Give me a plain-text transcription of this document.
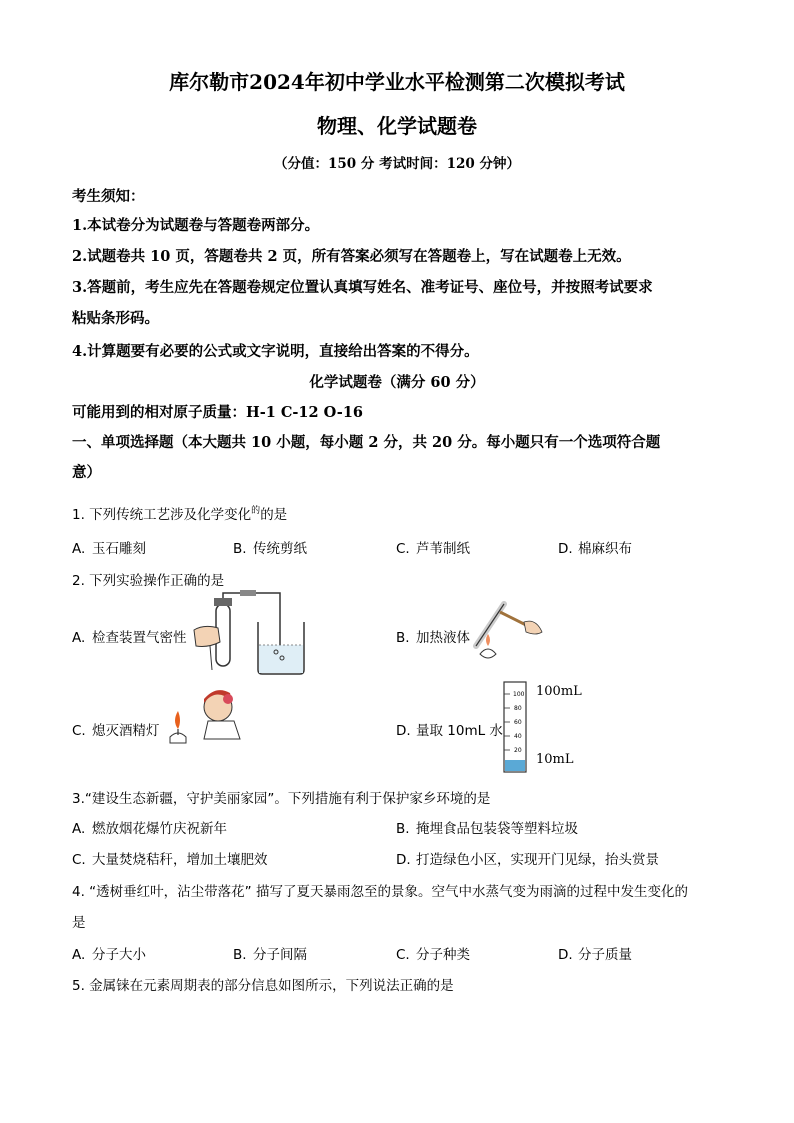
库尔勒市2024年初中学业水平检测第二次模拟考试
物理、化学试题卷
（分值：150 分 考试时间：120 分钟）
考生须知：
1.本试卷分为试题卷与答题卷两部分。
2.试题卷共 10 页，答题卷共 2 页，所有答案必须写在答题卷上，写在试题卷上无效。
3.答题前，考生应先在答题卷规定位置认真填写姓名、准考证号、座位号，并按照考试要求
粘贴条形码。
4.计算题要有必要的公式或文字说明，直接给出答案的不得分。
化学试题卷（满分 60 分）
可能用到的相对原子质量：H-1 C-12 O-16
一、单项选择题（本大题共 10 小题，每小题 2 分，共 20 分。每小题只有一个选项符合题
意）
1. 下列传统工艺涉及化学变化$^的$的是
A. 玉石雕刻	B. 传统剪纸	C. 芦苇制纸	D. 棉麻织布
2. 下列实验操作正确的是
A. 检查装置气密性	B. 加热液体
C. 熄灭酒精灯	D. 量取 10mL 水
100
80
60
40
20
100mL
10mL
3.“建设生态新疆，守护美丽家园”。下列措施有利于保护家乡环境的是
A. 燃放烟花爆竹庆祝新年	B. 掩埋食品包装袋等塑料垃圾
C. 大量焚烧秸秆，增加土壤肥效	D. 打造绿色小区，实现开门见绿，抬头赏景
4. “透树垂红叶，沾尘带落花” 描写了夏天暴雨忽至的景象。空气中水蒸气变为雨滴的过程中发生变化的
是
A. 分子大小	B. 分子间隔	C. 分子种类	D. 分子质量
5. 金属铼在元素周期表的部分信息如图所示，下列说法正确的是
